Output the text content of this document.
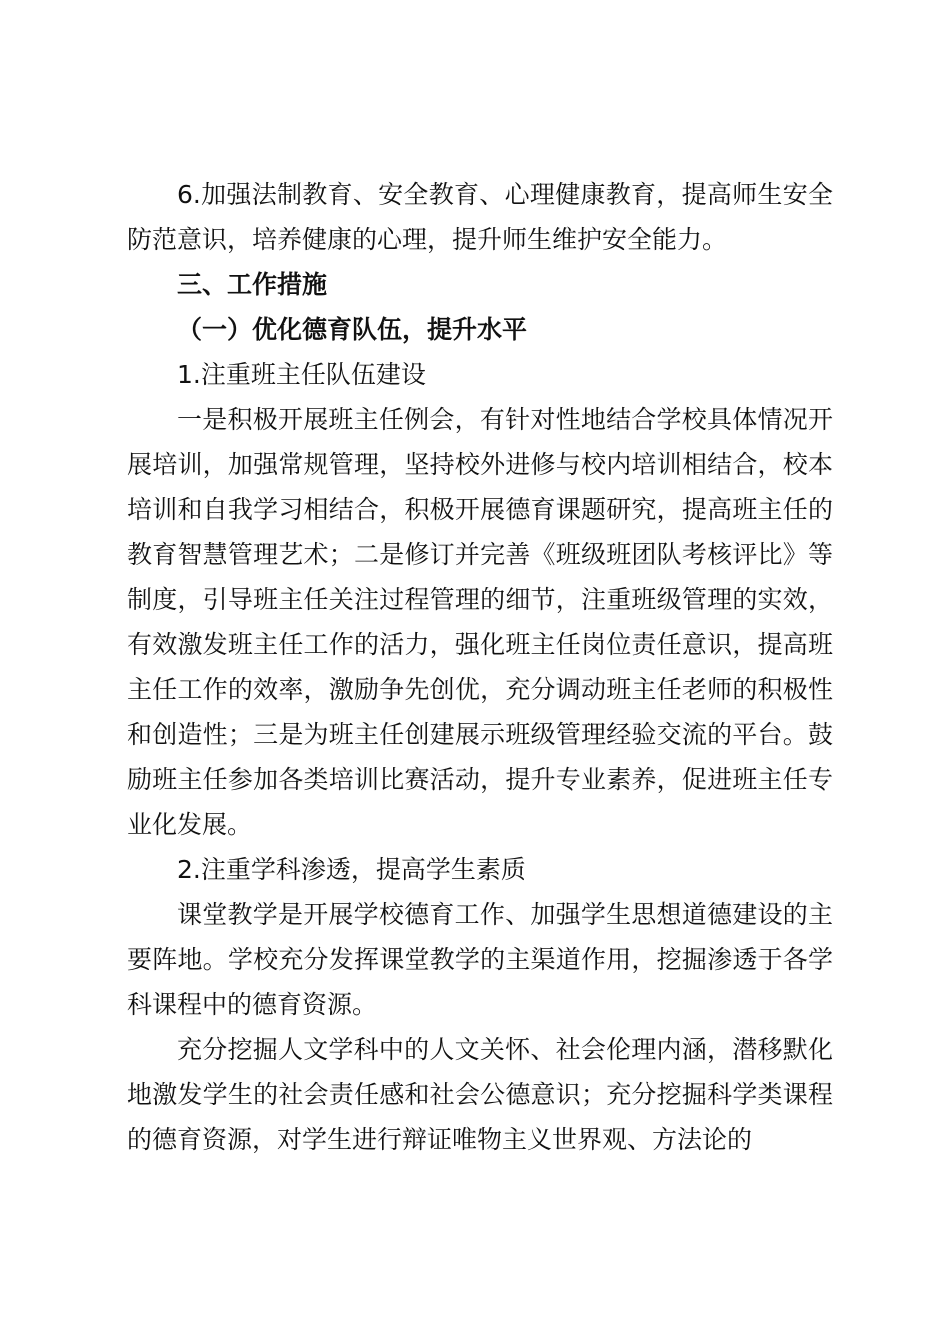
6.加强法制教育、安全教育、心理健康教育，提高师生安全防范意识，培养健康的心理，提升师生维护安全能力。

三、工作措施

（一）优化德育队伍，提升水平

1.注重班主任队伍建设

一是积极开展班主任例会，有针对性地结合学校具体情况开展培训，加强常规管理，坚持校外进修与校内培训相结合，校本培训和自我学习相结合，积极开展德育课题研究，提高班主任的教育智慧管理艺术；二是修订并完善《班级班团队考核评比》等制度，引导班主任关注过程管理的细节，注重班级管理的实效，有效激发班主任工作的活力，强化班主任岗位责任意识，提高班主任工作的效率，激励争先创优，充分调动班主任老师的积极性和创造性；三是为班主任创建展示班级管理经验交流的平台。鼓励班主任参加各类培训比赛活动，提升专业素养，促进班主任专业化发展。

2.注重学科渗透，提高学生素质

课堂教学是开展学校德育工作、加强学生思想道德建设的主要阵地。学校充分发挥课堂教学的主渠道作用，挖掘渗透于各学科课程中的德育资源。

充分挖掘人文学科中的人文关怀、社会伦理内涵，潜移默化地激发学生的社会责任感和社会公德意识；充分挖掘科学类课程的德育资源，对学生进行辩证唯物主义世界观、方法论的
